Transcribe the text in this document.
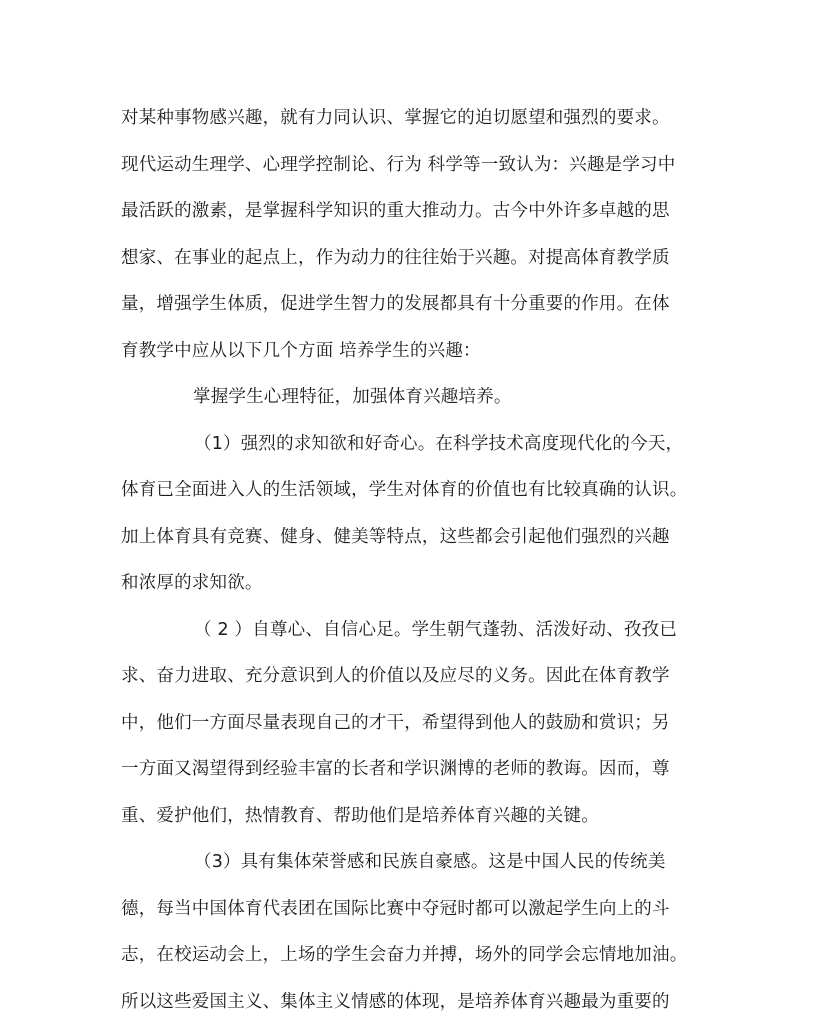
对某种事物感兴趣，就有力同认识、掌握它的迫切愿望和强烈的要求。
现代运动生理学、心理学控制论、行为 科学等一致认为：兴趣是学习中
最活跃的激素，是掌握科学知识的重大推动力。古今中外许多卓越的思
想家、在事业的起点上，作为动力的往往始于兴趣。对提高体育教学质
量，增强学生体质，促进学生智力的发展都具有十分重要的作用。在体
育教学中应从以下几个方面 培养学生的兴趣：
掌握学生心理特征，加强体育兴趣培养。
（1）强烈的求知欲和好奇心。在科学技术高度现代化的今天，
体育已全面进入人的生活领域，学生对体育的价值也有比较真确的认识。
加上体育具有竞赛、健身、健美等特点，这些都会引起他们强烈的兴趣
和浓厚的求知欲。
（ 2 ）自尊心、自信心足。学生朝气蓬勃、活泼好动、孜孜已
求、奋力进取、充分意识到人的价值以及应尽的义务。因此在体育教学
中，他们一方面尽量表现自己的才干，希望得到他人的鼓励和赏识；另
一方面又渴望得到经验丰富的长者和学识渊博的老师的教诲。因而，尊
重、爱护他们，热情教育、帮助他们是培养体育兴趣的关键。
（3）具有集体荣誉感和民族自豪感。这是中国人民的传统美
德，每当中国体育代表团在国际比赛中夺冠时都可以激起学生向上的斗
志，在校运动会上，上场的学生会奋力并搏，场外的同学会忘情地加油。
所以这些爱国主义、集体主义情感的体现，是培养体育兴趣最为重要的
